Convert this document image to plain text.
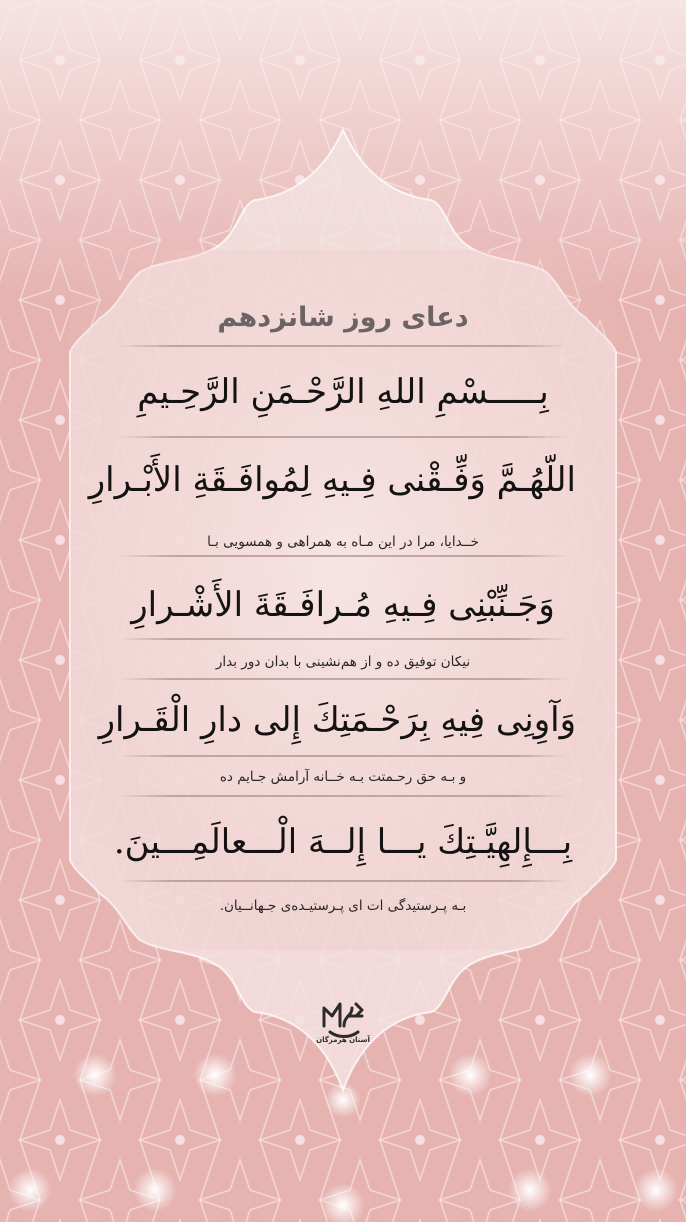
دعای روز شانزدهم
بِـــــسْمِ اللهِ الرَّحْـمَنِ الرَّحِـيمِ
اللّهُـمَّ وَفِّـقْنى فِـيهِ لِمُوافَـقَةِ الأَبْـرارِ
خــدایا، مرا در این مـاه به همراهی و همسویی بـا
وَجَـنِّبْنِى فِـيهِ مُـرافَـقَةَ الأَشْـرارِ
نیکان توفیق ده و از هم‌نشینی با بدان دور بدار
وَآوِنِى فِيهِ بِرَحْـمَتِكَ إِلى دارِ الْقَـرارِ
و بـه حق رحـمتت بـه خــانه آرامش جـایم ده
بِـــإِلهِيَّـتِكَ يـــا إِلــهَ الْـــعالَمِـــينَ.
بـه پـرستیدگی ات ای پـرستیـده‌ی جـهانــیان.
آستان هرمزگان
